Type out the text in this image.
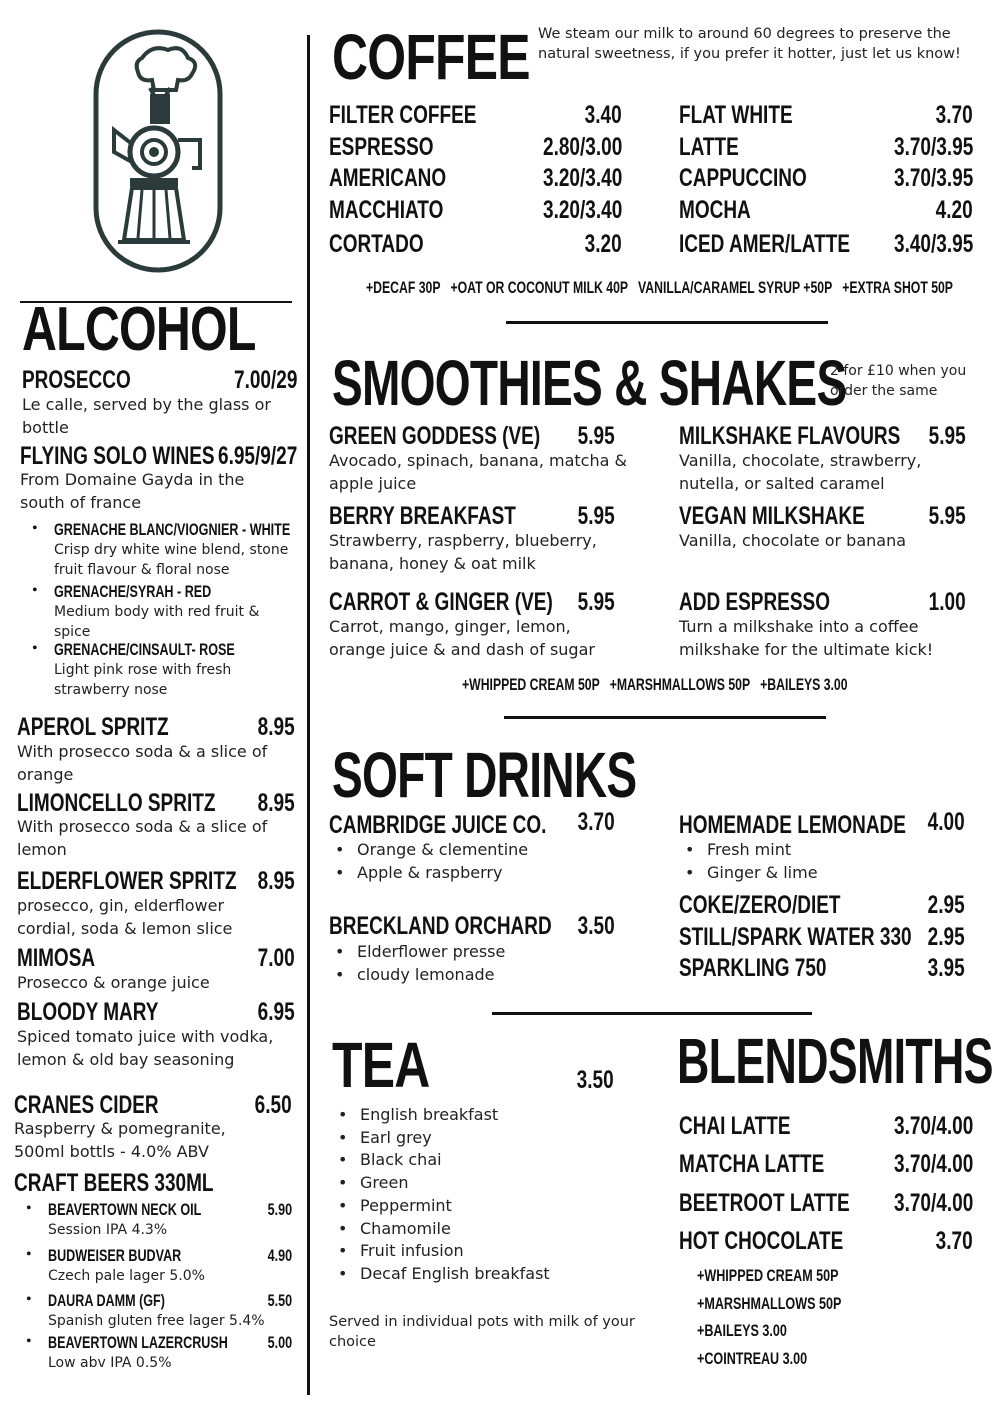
ALCOHOL
PROSECCO	7.00/29
Le calle, served by the glass or bottle
FLYING SOLO WINES 6.95/9/27
From Domaine Gayda in the south of france
• GRENACHE BLANC/VIOGNIER - WHITE
Crisp dry white wine blend, stone fruit flavour & floral nose
• GRENACHE/SYRAH - RED
Medium body with red fruit & spice
• GRENACHE/CINSAULT- ROSE
Light pink rose with fresh strawberry nose
APEROL SPRITZ	8.95
With prosecco soda & a slice of orange
LIMONCELLO SPRITZ 8.95
With prosecco soda & a slice of lemon
ELDERFLOWER SPRITZ 8.95
prosecco, gin, elderflower cordial, soda & lemon slice
MIMOSA	7.00
Prosecco & orange juice
BLOODY MARY	6.95
Spiced tomato juice with vodka, lemon & old bay seasoning
CRANES CIDER	6.50
Raspberry & pomegranite, 500ml bottls - 4.0% ABV
CRAFT BEERS 330ML
• BEAVERTOWN NECK OIL	5.90
Session IPA 4.3%
• BUDWEISER BUDVAR	4.90
Czech pale lager 5.0%
• DAURA DAMM (GF)	5.50
Spanish gluten free lager 5.4%
• BEAVERTOWN LAZERCRUSH 5.00
Low abv IPA 0.5%
COFFEE We steam our milk to around 60 degrees to preserve the natural sweetness, if you prefer it hotter, just let us know!
FILTER COFFEE	3.40
ESPRESSO	2.80/3.00
AMERICANO	3.20/3.40
MACCHIATO	3.20/3.40
CORTADO	3.20
FLAT WHITE	3.70
LATTE	3.70/3.95
CAPPUCCINO	3.70/3.95
MOCHA	4.20
ICED AMER/LATTE 3.40/3.95
+DECAF 30P   +OAT OR COCONUT MILK 40P   VANILLA/CARAMEL SYRUP +50P   +EXTRA SHOT 50P
SMOOTHIES & SHAKES
2 for £10 when you order the same
GREEN GODDESS (VE) 5.95
Avocado, spinach, banana, matcha & apple juice
BERRY BREAKFAST 5.95
Strawberry, raspberry, blueberry, banana, honey & oat milk
CARROT & GINGER (VE) 5.95
Carrot, mango, ginger, lemon, orange juice & and dash of sugar
MILKSHAKE FLAVOURS 5.95
Vanilla, chocolate, strawberry, nutella, or salted caramel
VEGAN MILKSHAKE	5.95
Vanilla, chocolate or banana
ADD ESPRESSO	1.00
Turn a milkshake into a coffee milkshake for the ultimate kick!
+WHIPPED CREAM 50P   +MARSHMALLOWS 50P   +BAILEYS 3.00
SOFT DRINKS
CAMBRIDGE JUICE CO. 3.70
• Orange & clementine
• Apple & raspberry
BRECKLAND ORCHARD 3.50
• Elderflower presse
• cloudy lemonade
HOMEMADE LEMONADE 4.00
• Fresh mint
• Ginger & lime
COKE/ZERO/DIET	2.95
STILL/SPARK WATER 330 2.95
SPARKLING 750	3.95
TEA	3.50
• English breakfast
• Earl grey
• Black chai
• Green
• Peppermint
• Chamomile
• Fruit infusion
• Decaf English breakfast
Served in individual pots with milk of your choice
BLENDSMITHS
CHAI LATTE	3.70/4.00
MATCHA LATTE	3.70/4.00
BEETROOT LATTE 3.70/4.00
HOT CHOCOLATE	3.70
+WHIPPED CREAM 50P
+MARSHMALLOWS 50P
+BAILEYS 3.00
+COINTREAU 3.00
